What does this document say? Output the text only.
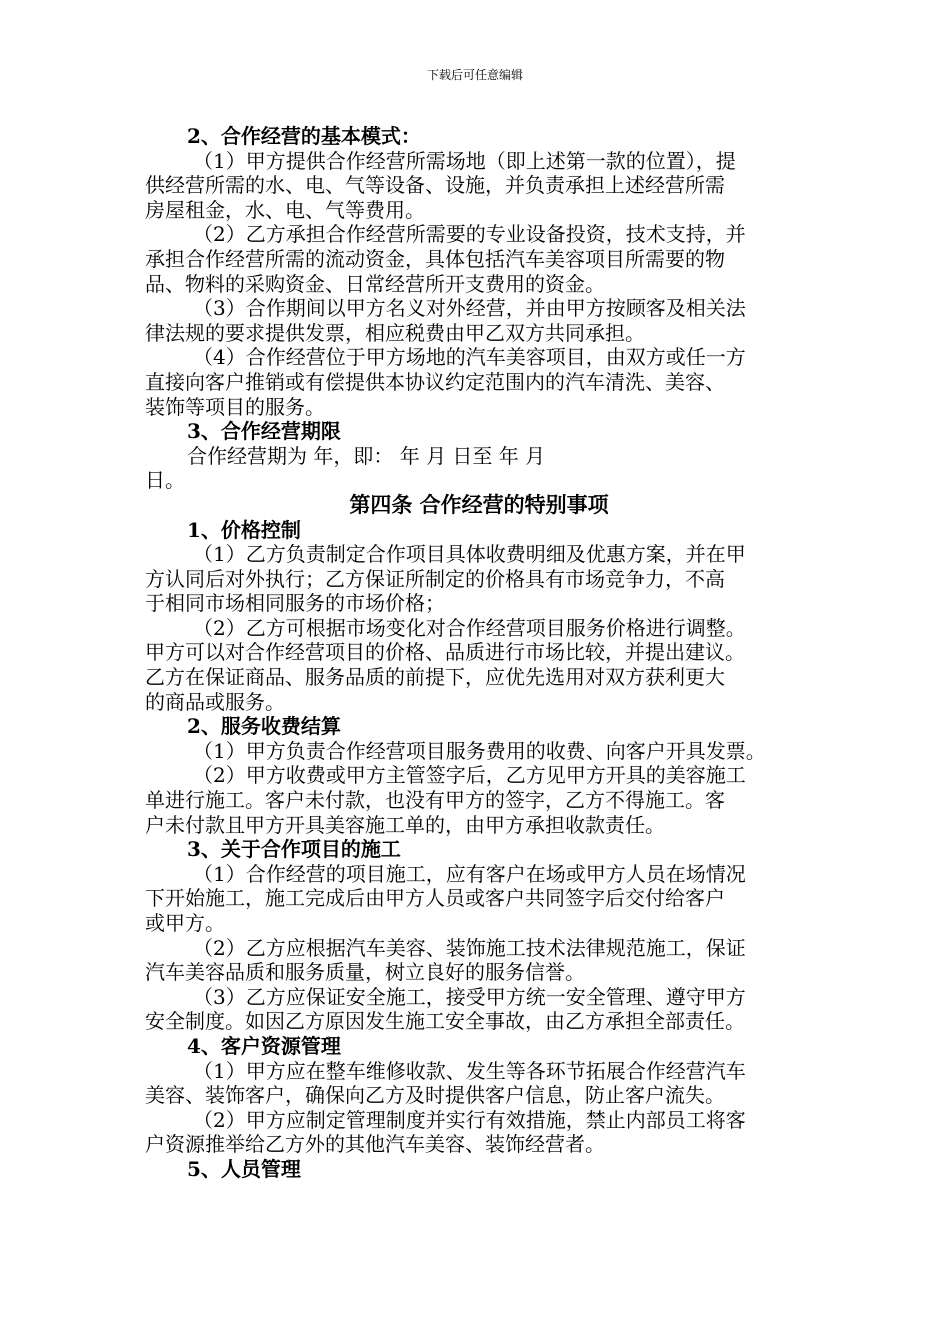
下载后可任意编辑
2、合作经营的基本模式：
（1）甲方提供合作经营所需场地（即上述第一款的位置），提
供经营所需的水、电、气等设备、设施，并负责承担上述经营所需
房屋租金，水、电、气等费用。
（2）乙方承担合作经营所需要的专业设备投资，技术支持，并
承担合作经营所需的流动资金，具体包括汽车美容项目所需要的物
品、物料的采购资金、日常经营所开支费用的资金。
（3）合作期间以甲方名义对外经营，并由甲方按顾客及相关法
律法规的要求提供发票，相应税费由甲乙双方共同承担。
（4）合作经营位于甲方场地的汽车美容项目，由双方或任一方
直接向客户推销或有偿提供本协议约定范围内的汽车清洗、美容、
装饰等项目的服务。
3、合作经营期限
合作经营期为 年，即： 年 月 日至 年 月
日。
第四条 合作经营的特别事项
1、价格控制
（1）乙方负责制定合作项目具体收费明细及优惠方案，并在甲
方认同后对外执行；乙方保证所制定的价格具有市场竞争力，不高
于相同市场相同服务的市场价格；
（2）乙方可根据市场变化对合作经营项目服务价格进行调整。
甲方可以对合作经营项目的价格、品质进行市场比较，并提出建议。
乙方在保证商品、服务品质的前提下，应优先选用对双方获利更大
的商品或服务。
2、服务收费结算
（1）甲方负责合作经营项目服务费用的收费、向客户开具发票。
（2）甲方收费或甲方主管签字后，乙方见甲方开具的美容施工
单进行施工。客户未付款，也没有甲方的签字，乙方不得施工。客
户未付款且甲方开具美容施工单的，由甲方承担收款责任。
3、关于合作项目的施工
（1）合作经营的项目施工，应有客户在场或甲方人员在场情况
下开始施工，施工完成后由甲方人员或客户共同签字后交付给客户
或甲方。
（2）乙方应根据汽车美容、装饰施工技术法律规范施工，保证
汽车美容品质和服务质量，树立良好的服务信誉。
（3）乙方应保证安全施工，接受甲方统一安全管理、遵守甲方
安全制度。如因乙方原因发生施工安全事故，由乙方承担全部责任。
4、客户资源管理
（1）甲方应在整车维修收款、发生等各环节拓展合作经营汽车
美容、装饰客户，确保向乙方及时提供客户信息，防止客户流失。
（2）甲方应制定管理制度并实行有效措施，禁止内部员工将客
户资源推举给乙方外的其他汽车美容、装饰经营者。
5、人员管理
